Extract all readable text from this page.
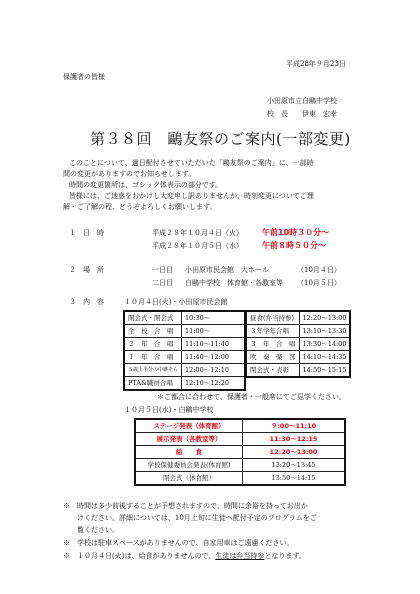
平成28年９月23日
保護者の皆様
小田原市立白鷗中学校
校　長　　伊東　宏幸
第３８回　鷗友祭のご案内(一部変更)
このことについて、過日配付させていただいた「鷗友祭のご案内」に、一部時
間の変更がありますのでお知らせします。
時間の変更箇所は、ゴシック体表示の部分です。
皆様には、ご迷惑をおかけし大変申し訳ありませんが、時刻変更についてご理
解・ご了解の程、どうぞよろしくお願いします。
１　日　時	平成２８年１０月４日（火） 午前10時３０分～
平成２８年１０月５日（水） 午前８時５０分～
２　場　所	一日目 小田原市民会館　大ホール	（10月４日）
二日目 白鷗中学校　体育館・各教室等 （10月５日）
３　内　容	１０月４日(火)・小田原市民会館
開会式・開会式	10:30～
全　校　合　唱	11:00～
２　年　合　唱	11:10～11:40
１　年　合　唱	11:40～12:00
５歳上半分の中継そら	12:00～12:10
PTA&職員合唱	12:10～12:20
昼食(弁当持参)	12:20～13:00
３年学年合唱	13:10～13:30
３　年　合　唱	13:30～14:00
吹　奏　楽　部	14:10～14:35
閉会式・表彰	14:50～15:15
＊ご都合に合わせて、保護者・一般席にてご見学ください。
１０月５日(水)・白鷗中学校
ステージ発表（体育館）	９:00～11:10
展示発表（各教室等）	11:30～12:15
給　　食	12:20～13:00
学校保健委員会発表(体育館)	13:20～13:45
閉会式（体育館）	13:50～14:15
※　時間は多少前後することが予想されますので、時間に余裕を持ってお出か
　　けください。詳細については、10月上旬に生徒へ配付予定のプログラムをご
　　覧ください。
※　学校は駐車スペースがありませんので、自家用車はご遠慮ください。
※　１０月４日(火)は、給食がありませんので、生徒は弁当持参となります。
